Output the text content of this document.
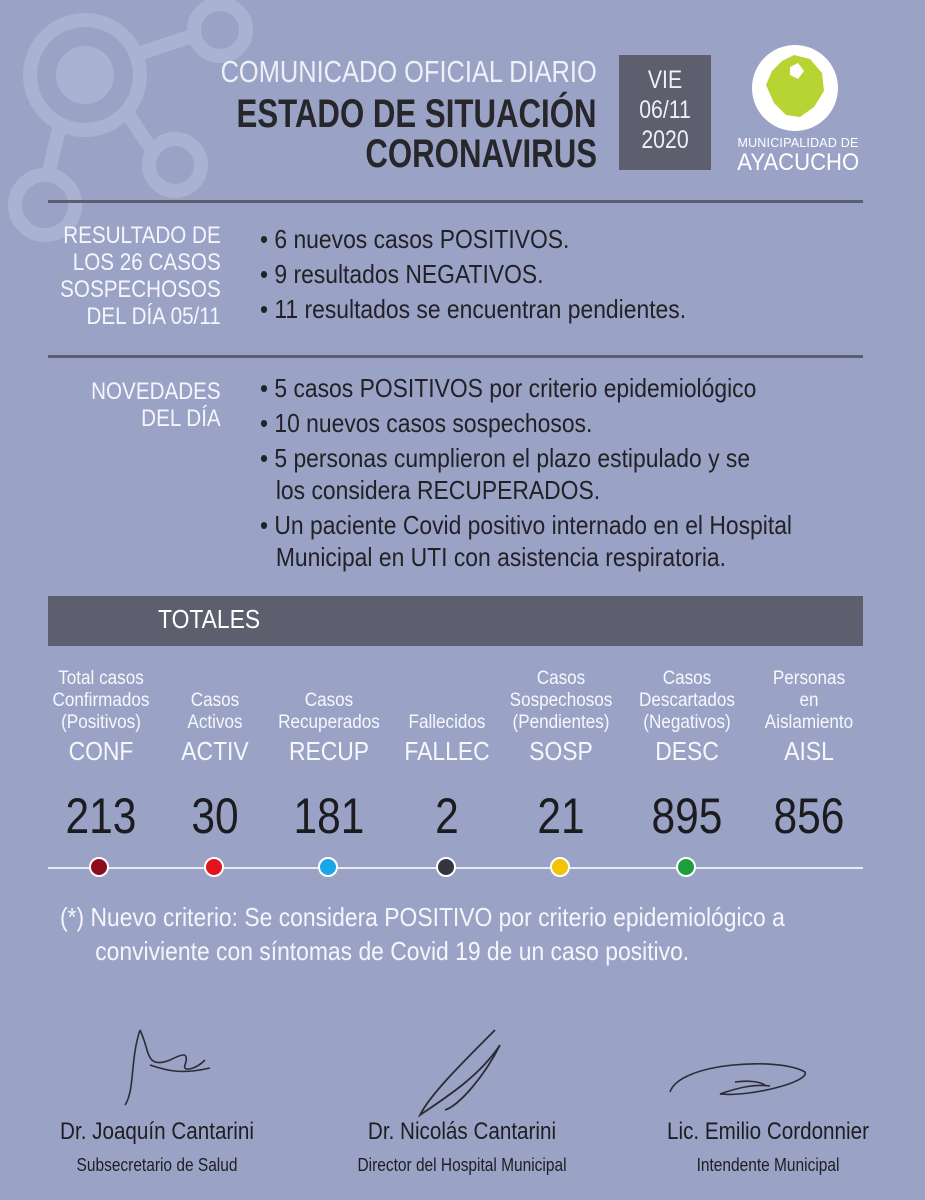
COMUNICADO OFICIAL DIARIO
ESTADO DE SITUACIÓN
CORONAVIRUS
VIE
06/11
2020	MUNICIPALIDAD DE
AYACUCHO
RESULTADO DE
LOS 26 CASOS
SOSPECHOSOS
DEL DÍA 05/11
• 6 nuevos casos POSITIVOS.
• 9 resultados NEGATIVOS.
• 11 resultados se encuentran pendientes.
NOVEDADES
DEL DÍA
• 5 casos POSITIVOS por criterio epidemiológico
• 10 nuevos casos sospechosos.
• 5 personas cumplieron el plazo estipulado y se
los considera RECUPERADOS.
• Un paciente Covid positivo internado en el Hospital
Municipal en UTI con asistencia respiratoria.
TOTALES
Total casos
Confirmados
(Positivos)
CONF
213
Casos
Activos
ACTIV
30
Casos
Recuperados
RECUP
181
Fallecidos
FALLEC
2
Casos
Sospechosos
(Pendientes)
SOSP
21
Casos
Descartados
(Negativos)
DESC
895
Personas
en
Aislamiento
AISL
856
(*) Nuevo criterio: Se considera POSITIVO por criterio epidemiológico a
conviviente con síntomas de Covid 19 de un caso positivo.
Dr. Joaquín Cantarini
Subsecretario de Salud
Dr. Nicolás Cantarini
Director del Hospital Municipal
Lic. Emilio Cordonnier
Intendente Municipal
